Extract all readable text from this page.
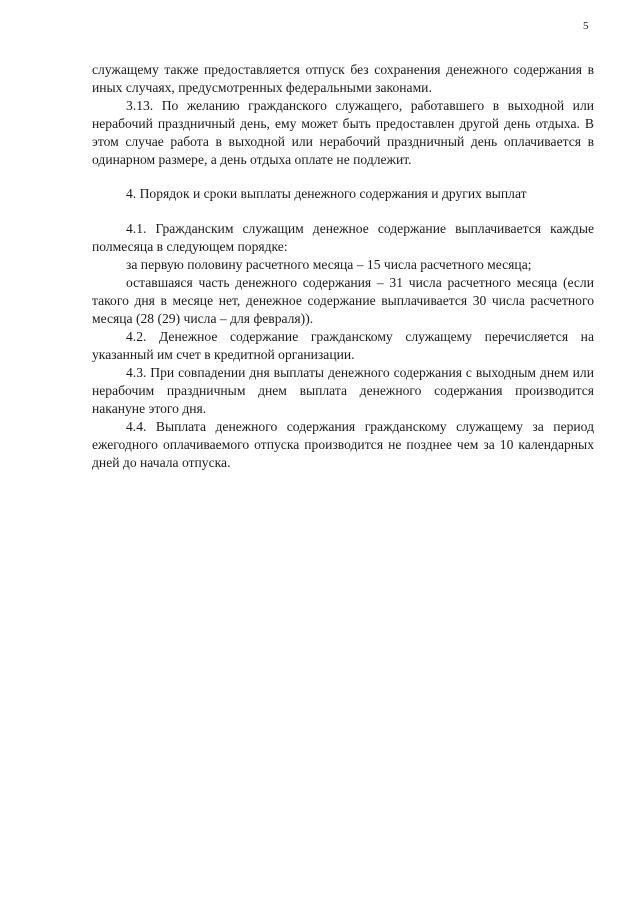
5

служащему также предоставляется отпуск без сохранения денежного содержания в иных случаях, предусмотренных федеральными законами.

3.13. По желанию гражданского служащего, работавшего в выходной или нерабочий праздничный день, ему может быть предоставлен другой день отдыха. В этом случае работа в выходной или нерабочий праздничный день оплачивается в одинарном размере, а день отдыха оплате не подлежит.

4. Порядок и сроки выплаты денежного содержания и других выплат

4.1. Гражданским служащим денежное содержание выплачивается каждые полмесяца в следующем порядке:

за первую половину расчетного месяца – 15 числа расчетного месяца;

оставшаяся часть денежного содержания – 31 числа расчетного месяца (если такого дня в месяце нет, денежное содержание выплачивается 30 числа расчетного месяца (28 (29) числа – для февраля)).

4.2. Денежное содержание гражданскому служащему перечисляется на указанный им счет в кредитной организации.

4.3. При совпадении дня выплаты денежного содержания с выходным днем или нерабочим праздничным днем выплата денежного содержания производится накануне этого дня.

4.4. Выплата денежного содержания гражданскому служащему за период ежегодного оплачиваемого отпуска производится не позднее чем за 10 календарных дней до начала отпуска.
